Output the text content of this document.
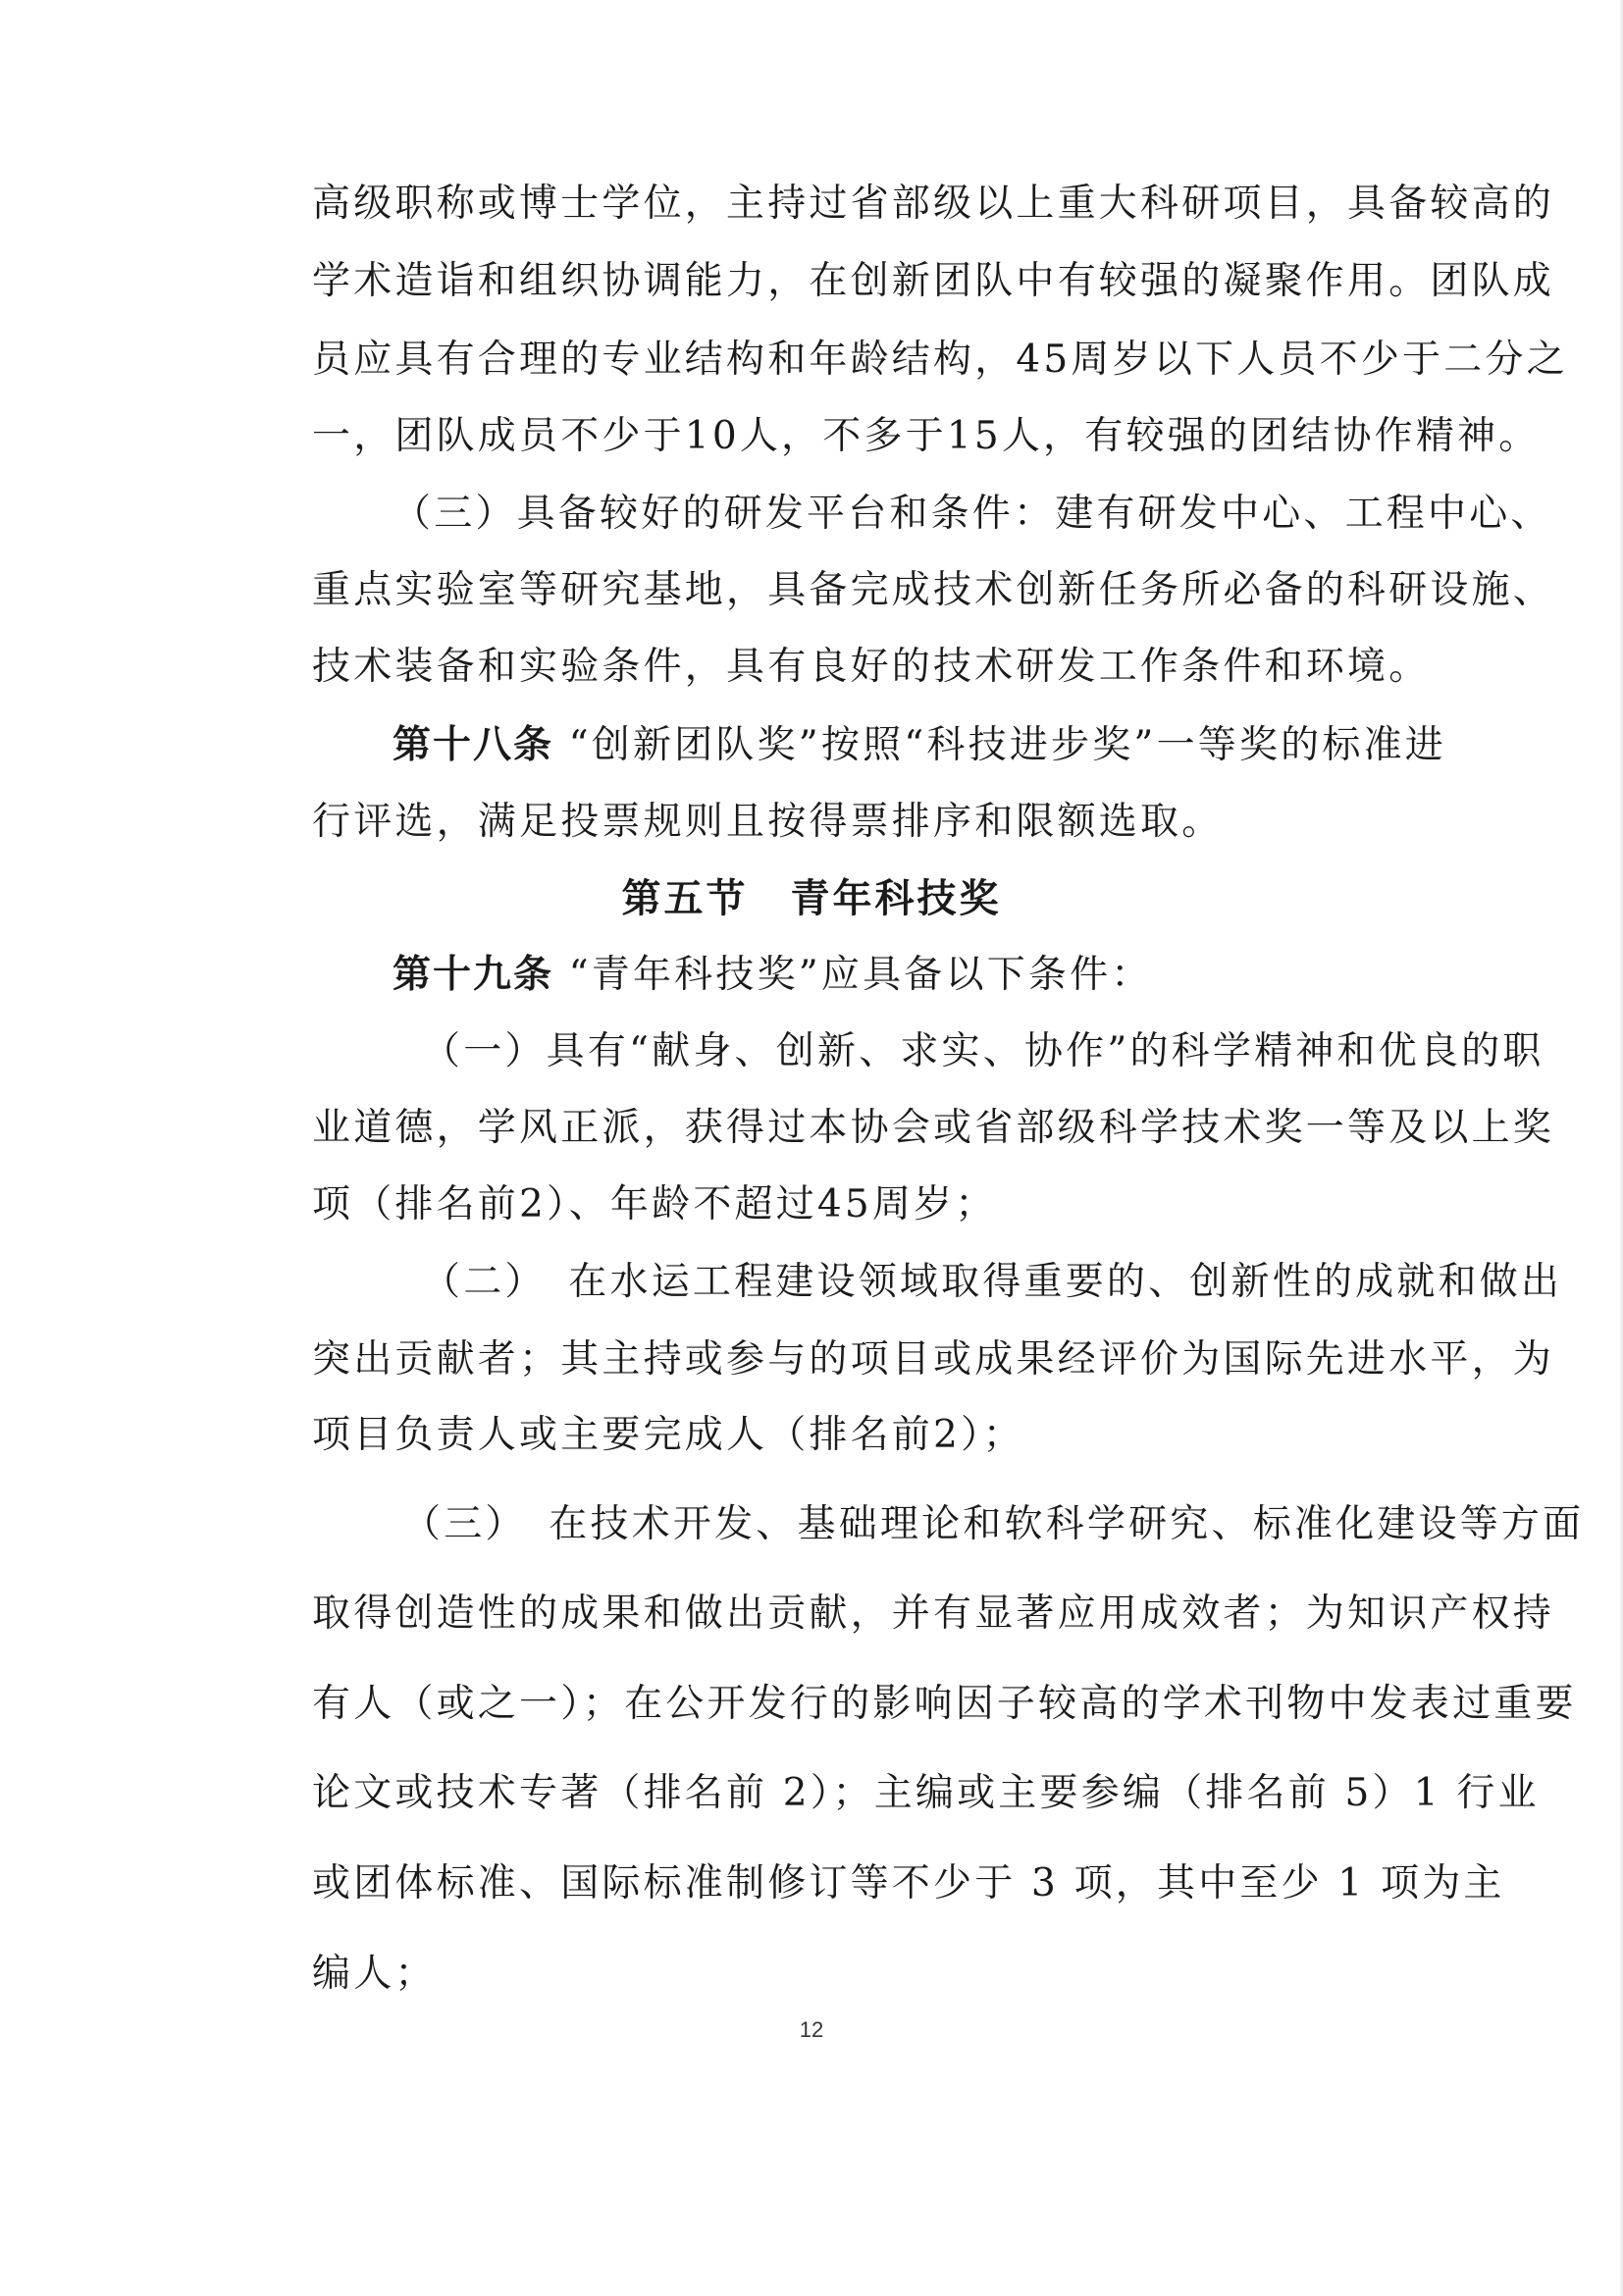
高级职称或博士学位，主持过省部级以上重大科研项目，具备较高的
学术造诣和组织协调能力，在创新团队中有较强的凝聚作用。团队成
员应具有合理的专业结构和年龄结构，45周岁以下人员不少于二分之
一，团队成员不少于10人，不多于15人，有较强的团结协作精神。
（三）具备较好的研发平台和条件：建有研发中心、工程中心、
重点实验室等研究基地，具备完成技术创新任务所必备的科研设施、
技术装备和实验条件，具有良好的技术研发工作条件和环境。
第十八条 “创新团队奖”按照“科技进步奖”一等奖的标准进
行评选，满足投票规则且按得票排序和限额选取。
第五节　青年科技奖
第十九条 “青年科技奖”应具备以下条件：
（一）具有“献身、创新、求实、协作”的科学精神和优良的职
业道德，学风正派，获得过本协会或省部级科学技术奖一等及以上奖
项（排名前2）、年龄不超过45周岁；
（二）　在水运工程建设领域取得重要的、创新性的成就和做出
突出贡献者；其主持或参与的项目或成果经评价为国际先进水平，为
项目负责人或主要完成人（排名前2）；
（三）　在技术开发、基础理论和软科学研究、标准化建设等方面
取得创造性的成果和做出贡献，并有显著应用成效者；为知识产权持
有人（或之一）；在公开发行的影响因子较高的学术刊物中发表过重要
论文或技术专著（排名前 2）；主编或主要参编（排名前 5）1 行业
或团体标准、国际标准制修订等不少于 3 项，其中至少 1 项为主
编人；
12
